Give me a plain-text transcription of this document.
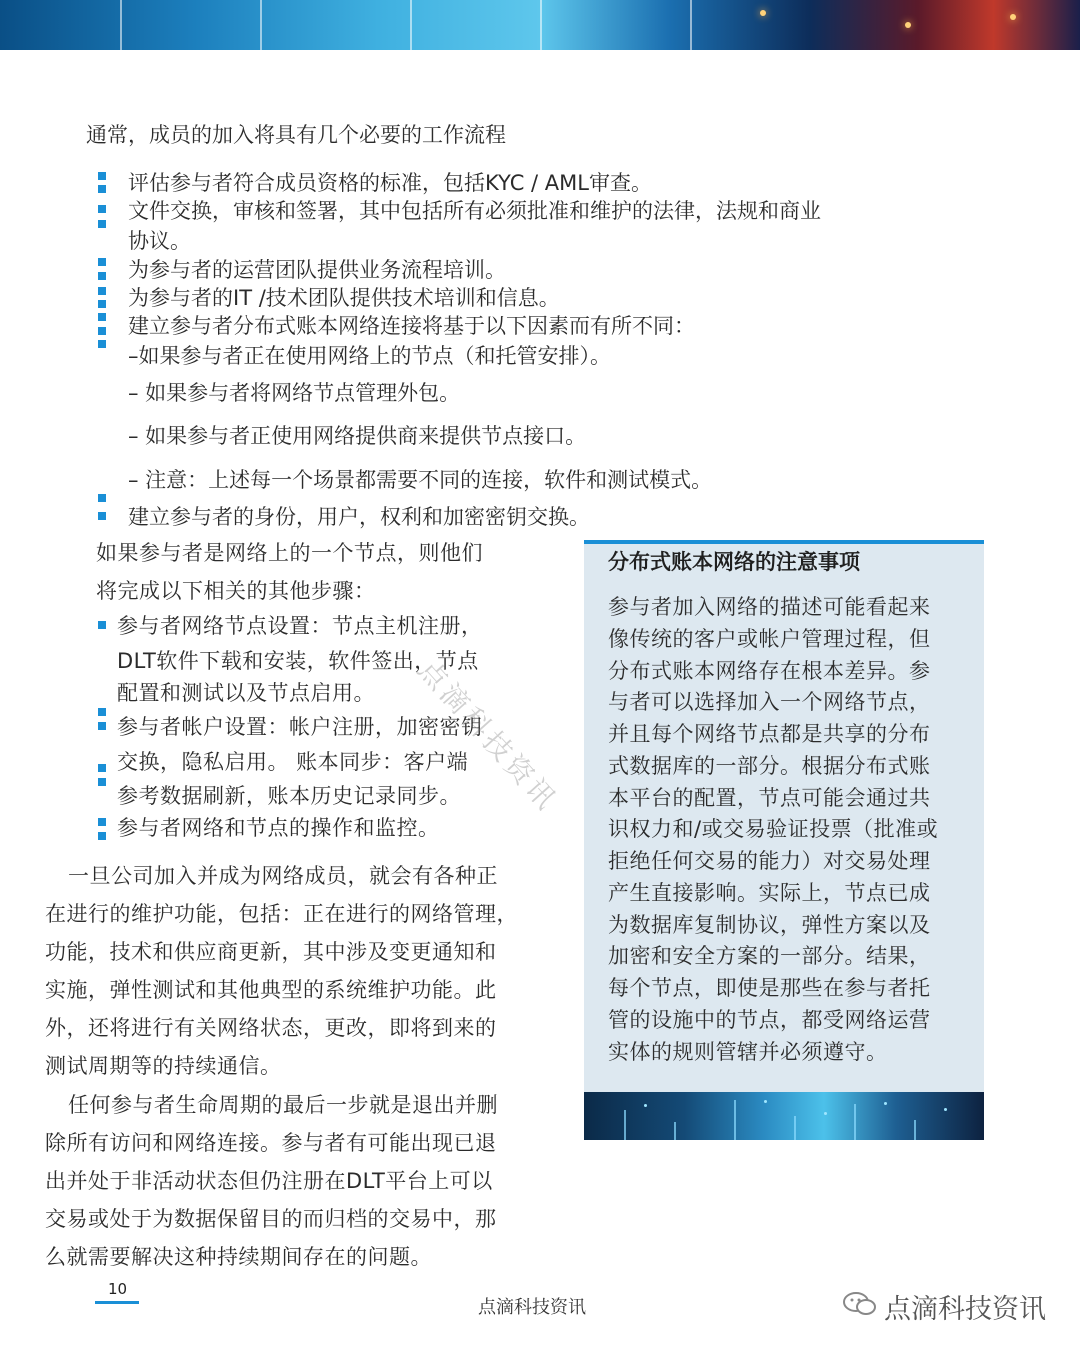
通常，成员的加入将具有几个必要的工作流程
评估参与者符合成员资格的标准，包括KYC / AML审查。
文件交换，审核和签署，其中包括所有必须批准和维护的法律，法规和商业
协议。
为参与者的运营团队提供业务流程培训。
为参与者的IT /技术团队提供技术培训和信息。
建立参与者分布式账本网络连接将基于以下因素而有所不同：
–如果参与者正在使用网络上的节点（和托管安排）。
– 如果参与者将网络节点管理外包。
– 如果参与者正使用网络提供商来提供节点接口。
– 注意：上述每一个场景都需要不同的连接，软件和测试模式。
建立参与者的身份，用户，权利和加密密钥交换。
如果参与者是网络上的一个节点，则他们
将完成以下相关的其他步骤：
参与者网络节点设置：节点主机注册，
DLT软件下载和安装，软件签出，节点
配置和测试以及节点启用。
参与者帐户设置：帐户注册，加密密钥
交换，隐私启用。 账本同步：客户端
参考数据刷新，账本历史记录同步。
参与者网络和节点的操作和监控。
一旦公司加入并成为网络成员，就会有各种正
在进行的维护功能，包括：正在进行的网络管理，
功能，技术和供应商更新，其中涉及变更通知和
实施，弹性测试和其他典型的系统维护功能。此
外，还将进行有关网络状态，更改，即将到来的
测试周期等的持续通信。
任何参与者生命周期的最后一步就是退出并删
除所有访问和网络连接。参与者有可能出现已退
出并处于非活动状态但仍注册在DLT平台上可以
交易或处于为数据保留目的而归档的交易中，那
么就需要解决这种持续期间存在的问题。
分布式账本网络的注意事项
参与者加入网络的描述可能看起来
像传统的客户或帐户管理过程，但
分布式账本网络存在根本差异。参
与者可以选择加入一个网络节点，
并且每个网络节点都是共享的分布
式数据库的一部分。根据分布式账
本平台的配置，节点可能会通过共
识权力和/或交易验证投票（批准或
拒绝任何交易的能力）对交易处理
产生直接影响。实际上，节点已成
为数据库复制协议，弹性方案以及
加密和安全方案的一部分。结果，
每个节点，即使是那些在参与者托
管的设施中的节点，都受网络运营
实体的规则管辖并必须遵守。
点滴科技资讯
10
点滴科技资讯	点滴科技资讯
